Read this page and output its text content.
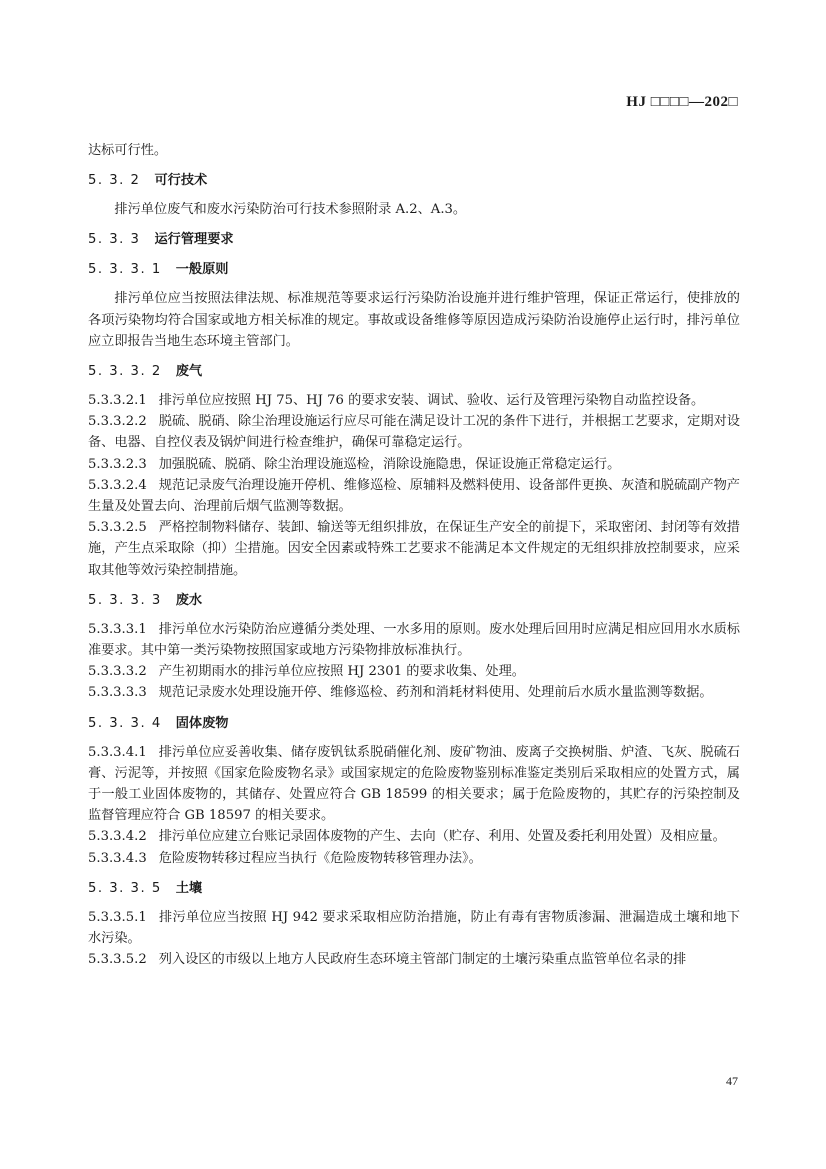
HJ □□□□—202□

达标可行性。

5. 3. 2 可行技术

排污单位废气和废水污染防治可行技术参照附录 A.2、A.3。

5. 3. 3 运行管理要求
5. 3. 3. 1 一般原则

排污单位应当按照法律法规、标准规范等要求运行污染防治设施并进行维护管理，保证正常运行，使排放的各项污染物均符合国家或地方相关标准的规定。事故或设备维修等原因造成污染防治设施停止运行时，排污单位应立即报告当地生态环境主管部门。

5. 3. 3. 2 废气

5.3.3.2.1 排污单位应按照 HJ 75、HJ 76 的要求安装、调试、验收、运行及管理污染物自动监控设备。

5.3.3.2.2 脱硫、脱硝、除尘治理设施运行应尽可能在满足设计工况的条件下进行，并根据工艺要求，定期对设备、电器、自控仪表及锅炉间进行检查维护，确保可靠稳定运行。

5.3.3.2.3 加强脱硫、脱硝、除尘治理设施巡检，消除设施隐患，保证设施正常稳定运行。

5.3.3.2.4 规范记录废气治理设施开停机、维修巡检、原辅料及燃料使用、设备部件更换、灰渣和脱硫副产物产生量及处置去向、治理前后烟气监测等数据。

5.3.3.2.5 严格控制物料储存、装卸、输送等无组织排放，在保证生产安全的前提下，采取密闭、封闭等有效措施，产生点采取除（抑）尘措施。因安全因素或特殊工艺要求不能满足本文件规定的无组织排放控制要求，应采取其他等效污染控制措施。

5. 3. 3. 3 废水

5.3.3.3.1 排污单位水污染防治应遵循分类处理、一水多用的原则。废水处理后回用时应满足相应回用水水质标准要求。其中第一类污染物按照国家或地方污染物排放标准执行。

5.3.3.3.2 产生初期雨水的排污单位应按照 HJ 2301 的要求收集、处理。

5.3.3.3.3 规范记录废水处理设施开停、维修巡检、药剂和消耗材料使用、处理前后水质水量监测等数据。

5. 3. 3. 4 固体废物

5.3.3.4.1 排污单位应妥善收集、储存废钒钛系脱硝催化剂、废矿物油、废离子交换树脂、炉渣、飞灰、脱硫石膏、污泥等，并按照《国家危险废物名录》或国家规定的危险废物鉴别标准鉴定类别后采取相应的处置方式，属于一般工业固体废物的，其储存、处置应符合 GB 18599 的相关要求；属于危险废物的，其贮存的污染控制及监督管理应符合 GB 18597 的相关要求。

5.3.3.4.2 排污单位应建立台账记录固体废物的产生、去向（贮存、利用、处置及委托利用处置）及相应量。

5.3.3.4.3 危险废物转移过程应当执行《危险废物转移管理办法》。

5. 3. 3. 5 土壤

5.3.3.5.1 排污单位应当按照 HJ 942 要求采取相应防治措施，防止有毒有害物质渗漏、泄漏造成土壤和地下水污染。

5.3.3.5.2 列入设区的市级以上地方人民政府生态环境主管部门制定的土壤污染重点监管单位名录的排

47
